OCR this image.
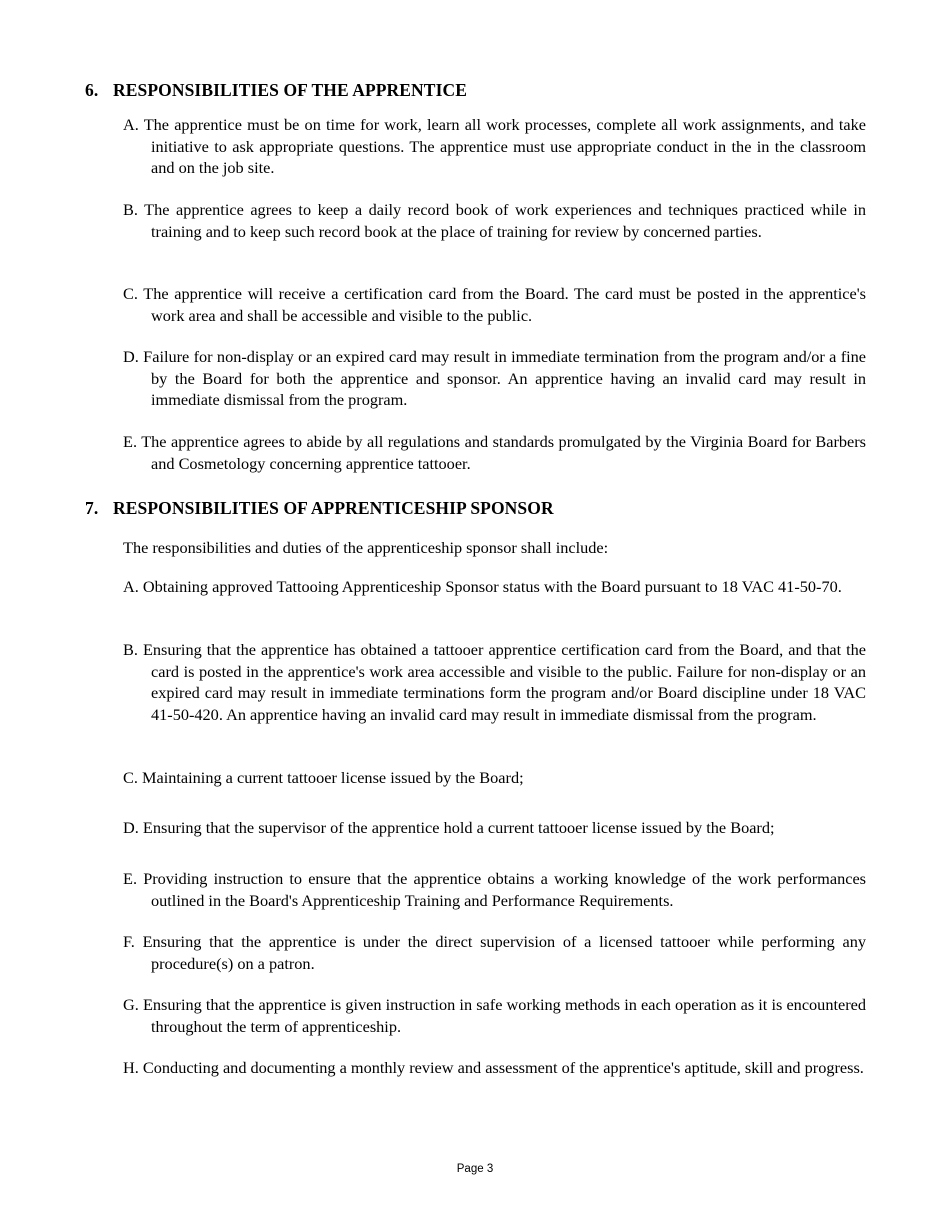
6. RESPONSIBILITIES OF THE APPRENTICE
A. The apprentice must be on time for work, learn all work processes, complete all work assignments, and take initiative to ask appropriate questions. The apprentice must use appropriate conduct in the in the classroom and on the job site.
B. The apprentice agrees to keep a daily record book of work experiences and techniques practiced while in training and to keep such record book at the place of training for review by concerned parties.
C. The apprentice will receive a certification card from the Board. The card must be posted in the apprentice's work area and shall be accessible and visible to the public.
D. Failure for non-display or an expired card may result in immediate termination from the program and/or a fine by the Board for both the apprentice and sponsor. An apprentice having an invalid card may result in immediate dismissal from the program.
E. The apprentice agrees to abide by all regulations and standards promulgated by the Virginia Board for Barbers and Cosmetology concerning apprentice tattooer.
7. RESPONSIBILITIES OF APPRENTICESHIP SPONSOR
The responsibilities and duties of the apprenticeship sponsor shall include:
A. Obtaining approved Tattooing Apprenticeship Sponsor status with the Board pursuant to 18 VAC 41-50-70.
B. Ensuring that the apprentice has obtained a tattooer apprentice certification card from the Board, and that the card is posted in the apprentice's work area accessible and visible to the public. Failure for non-display or an expired card may result in immediate terminations form the program and/or Board discipline under 18 VAC 41-50-420. An apprentice having an invalid card may result in immediate dismissal from the program.
C. Maintaining a current tattooer license issued by the Board;
D. Ensuring that the supervisor of the apprentice hold a current tattooer license issued by the Board;
E. Providing instruction to ensure that the apprentice obtains a working knowledge of the work performances outlined in the Board's Apprenticeship Training and Performance Requirements.
F. Ensuring that the apprentice is under the direct supervision of a licensed tattooer while performing any procedure(s) on a patron.
G. Ensuring that the apprentice is given instruction in safe working methods in each operation as it is encountered throughout the term of apprenticeship.
H. Conducting and documenting a monthly review and assessment of the apprentice's aptitude, skill and progress.
Page 3
